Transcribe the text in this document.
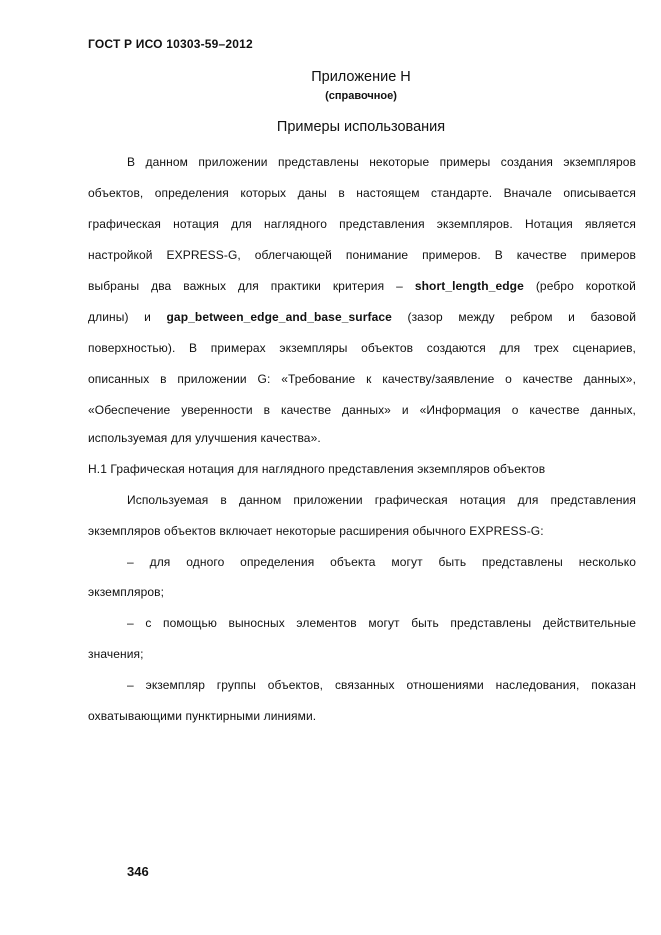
ГОСТ Р ИСО 10303-59–2012
Приложение Н
(справочное)
Примеры использования
В данном приложении представлены некоторые примеры создания экземпляров
объектов, определения которых даны в настоящем стандарте. Вначале описывается
графическая нотация для наглядного представления экземпляров. Нотация является
настройкой EXPRESS-G, облегчающей понимание примеров. В качестве примеров
выбраны два важных для практики критерия – short_length_edge (ребро короткой
длины) и gap_between_edge_and_base_surface (зазор между ребром и базовой
поверхностью). В примерах экземпляры объектов создаются для трех сценариев,
описанных в приложении G: «Требование к качеству/заявление о качестве данных»,
«Обеспечение уверенности в качестве данных» и «Информация о качестве данных,
используемая для улучшения качества».
Н.1 Графическая нотация для наглядного представления экземпляров объектов
Используемая в данном приложении графическая нотация для представления
экземпляров объектов включает некоторые расширения обычного EXPRESS-G:
– для одного определения объекта могут быть представлены несколько
экземпляров;
– с помощью выносных элементов могут быть представлены действительные
значения;
– экземпляр группы объектов, связанных отношениями наследования, показан
охватывающими пунктирными линиями.
346
